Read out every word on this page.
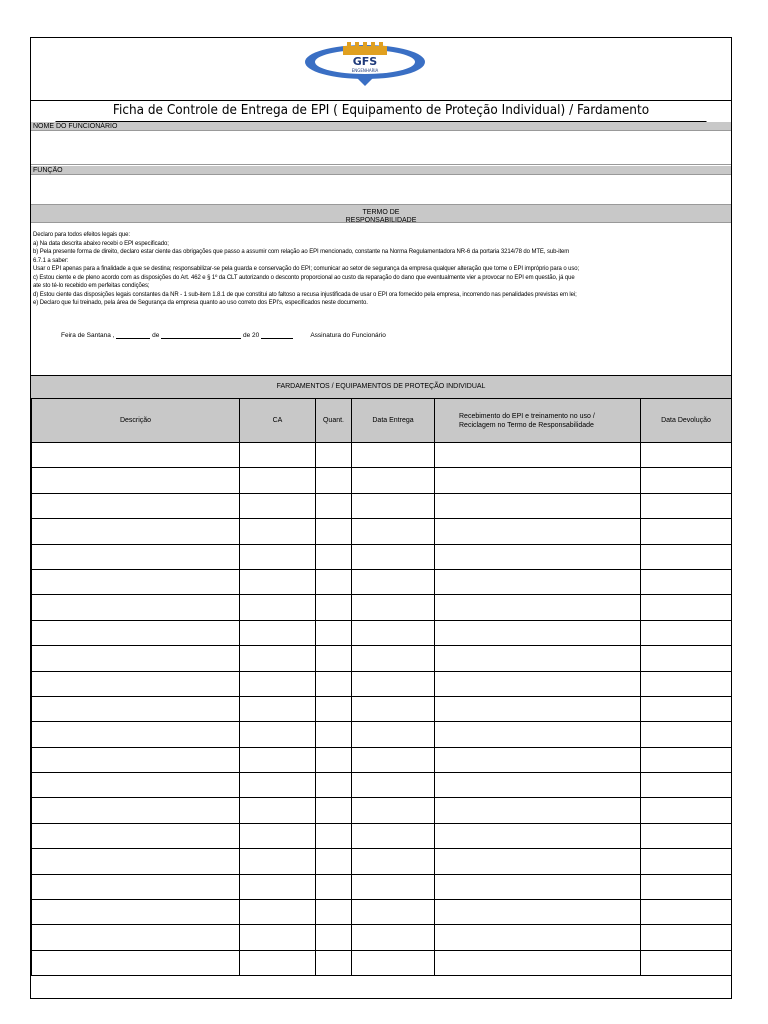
GFS
ENGENHARIA
Ficha de Controle de Entrega de EPI ( Equipamento de Proteção Individual) / Fardamento
NOME DO FUNCIONÁRIO
FUNÇÃO
TERMO DE
RESPONSABILIDADE
Declaro para todos efeitos legais que:
a) Na data descrita abaixo recebi o EPI especificado;
b) Pela presente forma de direito, declaro estar ciente das obrigações que passo a assumir com relação ao EPI mencionado, constante na Norma Regulamentadora NR-6 da portaria 3214/78 do MTE, sub-item
6.7.1 a saber:
Usar o EPI apenas para a finalidade a que se destina; responsabilizar-se pela guarda e conservação do EPI; comunicar ao setor de segurança da empresa qualquer alteração que torne o EPI impróprio para o uso;
c) Estou ciente e de pleno acordo com as disposições do Art. 462 e § 1º da CLT autorizando o desconto proporcional ao custo da reparação do dano que eventualmente vier a provocar no EPI em questão, já que
ate sto té-lo recebido em perfeitas condições;
d) Estou ciente das disposições legais constantes da NR - 1 sub-item 1.8.1 de que constitui ato faltoso a recusa injustificada de usar o EPI ora fornecido pela empresa, incorrendo nas penalidades previstas em lei;
e) Declaro que fui treinado, pela área de Segurança da empresa quanto ao uso correto dos EPI's, especificados neste documento.
Feira de Santana ,	de	de 20	Assinatura do Funcionário
FARDAMENTOS / EQUIPAMENTOS DE PROTEÇÃO INDIVIDUAL
Descrição	CA	Quant.	Data Entrega	Recebimento do EPI e treinamento no uso / Reciclagem no Termo de Responsabilidade	Data Devolução
